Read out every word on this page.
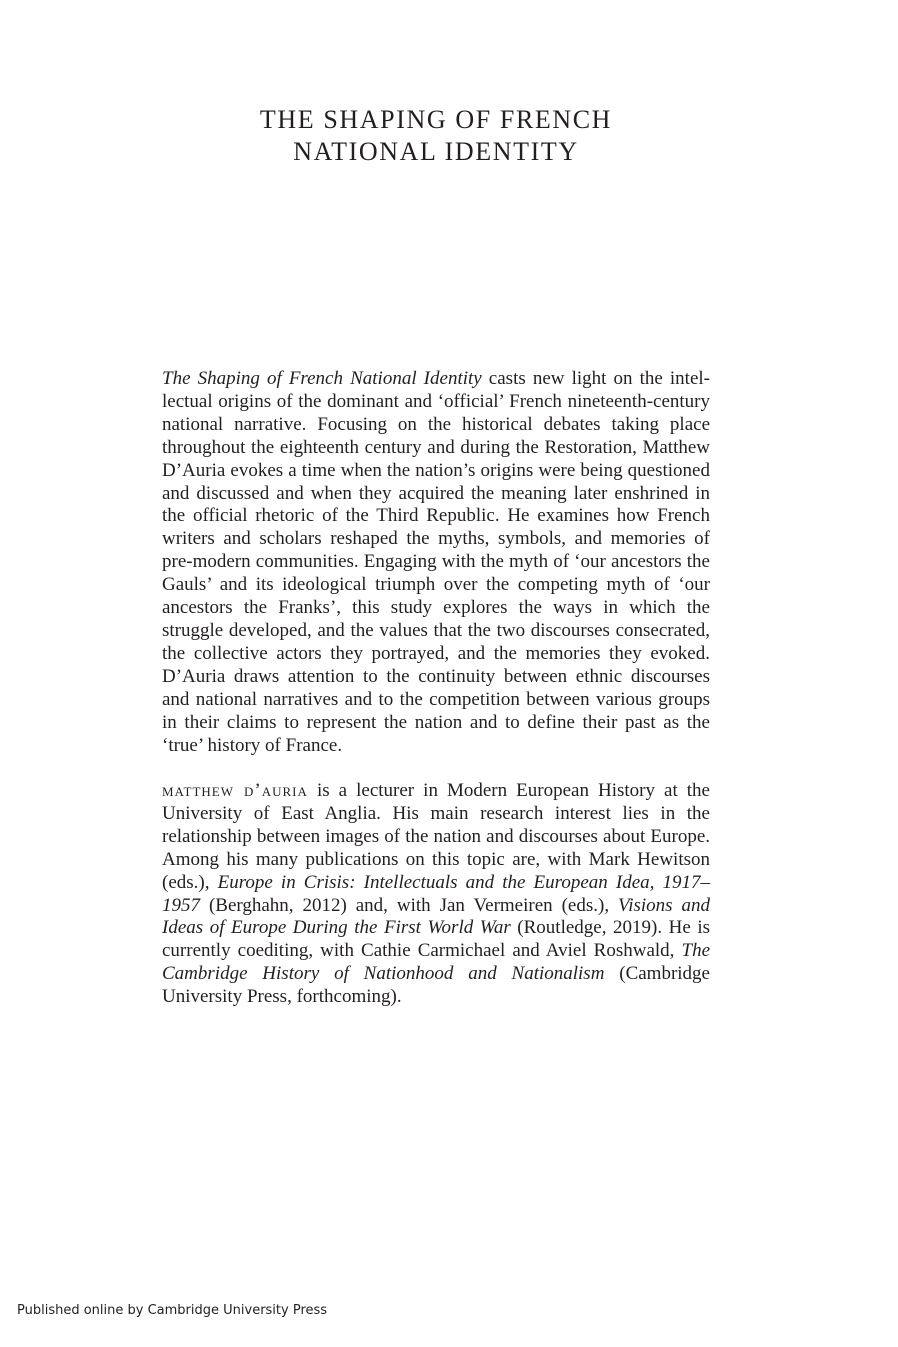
THE SHAPING OF FRENCH
NATIONAL IDENTITY

The Shaping of French National Identity casts new light on the intellectual origins of the dominant and ‘official’ French nineteenth-century national narrative. Focusing on the historical debates taking place throughout the eighteenth century and during the Restoration, Matthew D’Auria evokes a time when the nation’s origins were being questioned and discussed and when they acquired the meaning later enshrined in the official rhetoric of the Third Republic. He examines how French writers and scholars reshaped the myths, symbols, and memories of pre-modern communities. Engaging with the myth of ‘our ancestors the Gauls’ and its ideological triumph over the competing myth of ‘our ancestors the Franks’, this study explores the ways in which the struggle developed, and the values that the two discourses consecrated, the collective actors they portrayed, and the memories they evoked. D’Auria draws attention to the continuity between ethnic discourses and national narratives and to the competition between various groups in their claims to represent the nation and to define their past as the ‘true’ history of France.

matthew d’auria is a lecturer in Modern European History at the University of East Anglia. His main research interest lies in the relationship between images of the nation and discourses about Europe. Among his many publications on this topic are, with Mark Hewitson (eds.), Europe in Crisis: Intellectuals and the European Idea, 1917–1957 (Berghahn, 2012) and, with Jan Vermeiren (eds.), Visions and Ideas of Europe During the First World War (Routledge, 2019). He is currently coediting, with Cathie Carmichael and Aviel Roshwald, The Cambridge History of Nationhood and Nationalism (Cambridge University Press, forthcoming).

Published online by Cambridge University Press
